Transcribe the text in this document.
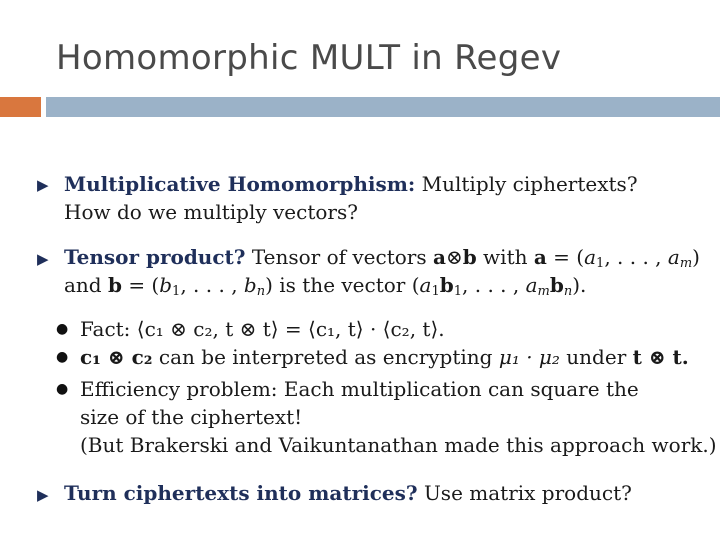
Homomorphic MULT in Regev
▶ Multiplicative Homomorphism: Multiply ciphertexts?
How do we multiply vectors?
▶ Tensor product? Tensor of vectors a⊗b with $a = (a_1$, . . . , $a_m$)
and $b = (b_1$, . . . , $b_n$) is the vector ($a_1b_1$, . . . , $a_mb_n$).
● Fact: ⟨c₁ ⊗ c₂, t ⊗ t⟩ = ⟨c₁, t⟩ · ⟨c₂, t⟩.
● c₁ ⊗ c₂ can be interpreted as encrypting μ₁ · μ₂ under t ⊗ t.
● Efficiency problem: Each multiplication can square the
size of the ciphertext!
(But Brakerski and Vaikuntanathan made this approach work.)
▶ Turn ciphertexts into matrices? Use matrix product?
